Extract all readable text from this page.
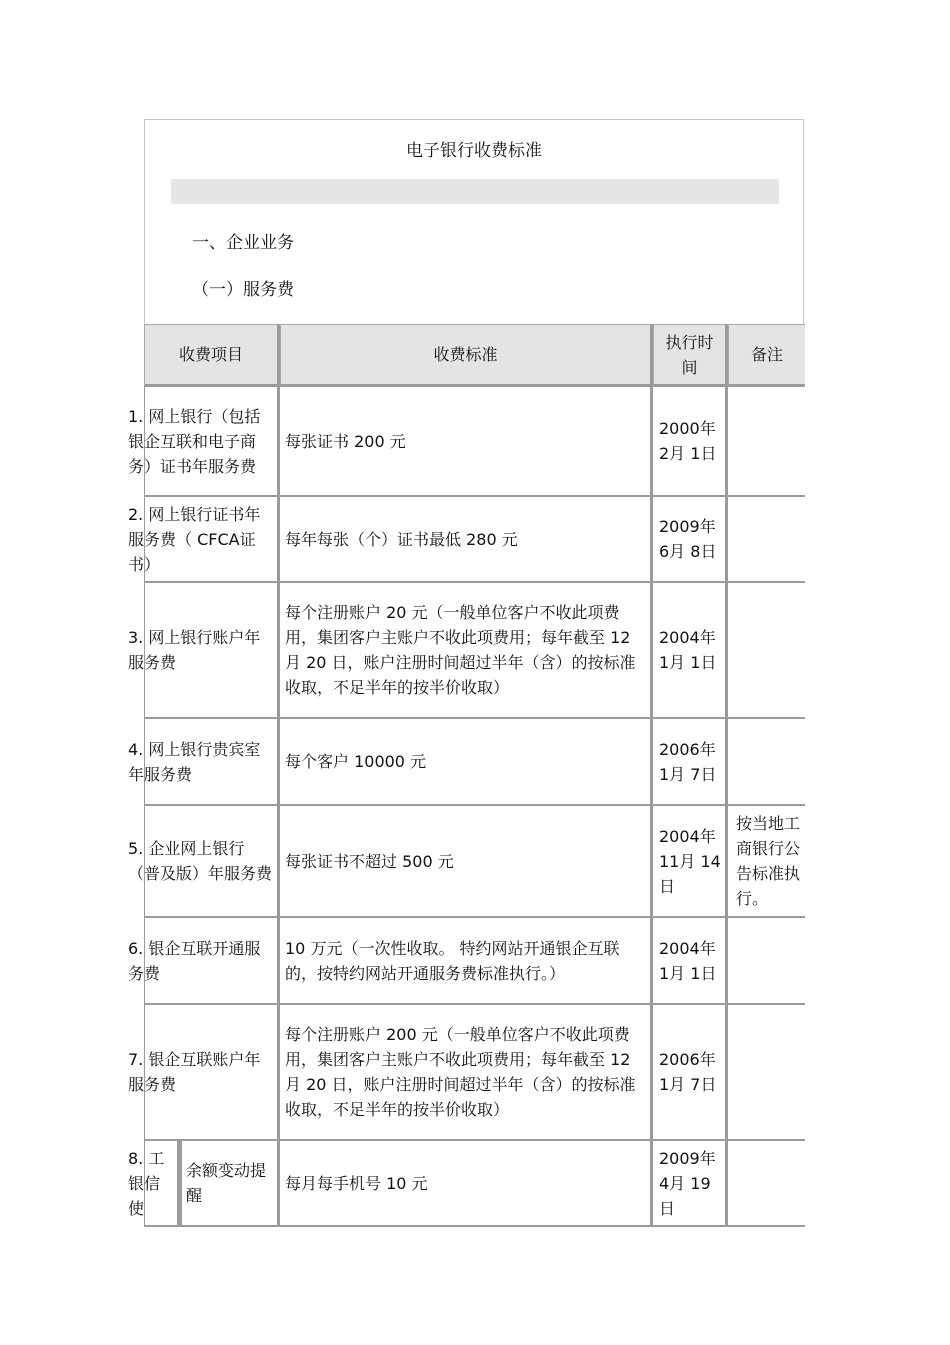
电子银行收费标准
一、企业业务
（一）服务费
收费项目	收费标准
执行时间
备注
1. 网上银行（包括银企互联和电子商务）证书年服务费
每张证书 200 元
2000年2月 1日
2. 网上银行证书年服务费（ CFCA证书）
每年每张（个）证书最低 280 元
2009年6月 8日
3. 网上银行账户年服务费
每个注册账户 20 元（一般单位客户不收此项费用，集团客户主账户不收此项费用；每年截至 12 月 20 日，账户注册时间超过半年（含）的按标准收取，不足半年的按半价收取）
2004年1月 1日
4. 网上银行贵宾室年服务费
每个客户 10000 元
2006年1月 7日
5. 企业网上银行（普及版）年服务费
每张证书不超过 500 元
2004年11月 14日
按当地工商银行公告标准执行。
6. 银企互联开通服务费
10 万元（一次性收取。 特约网站开通银企互联的，按特约网站开通服务费标准执行。）
2004年1月 1日
7. 银企互联账户年服务费
每个注册账户 200 元（一般单位客户不收此项费用，集团客户主账户不收此项费用；每年截至 12 月 20 日，账户注册时间超过半年（含）的按标准收取，不足半年的按半价收取）
2006年1月 7日
8. 工银信使
余额变动提醒
每月每手机号 10 元
2009年4月 19日
